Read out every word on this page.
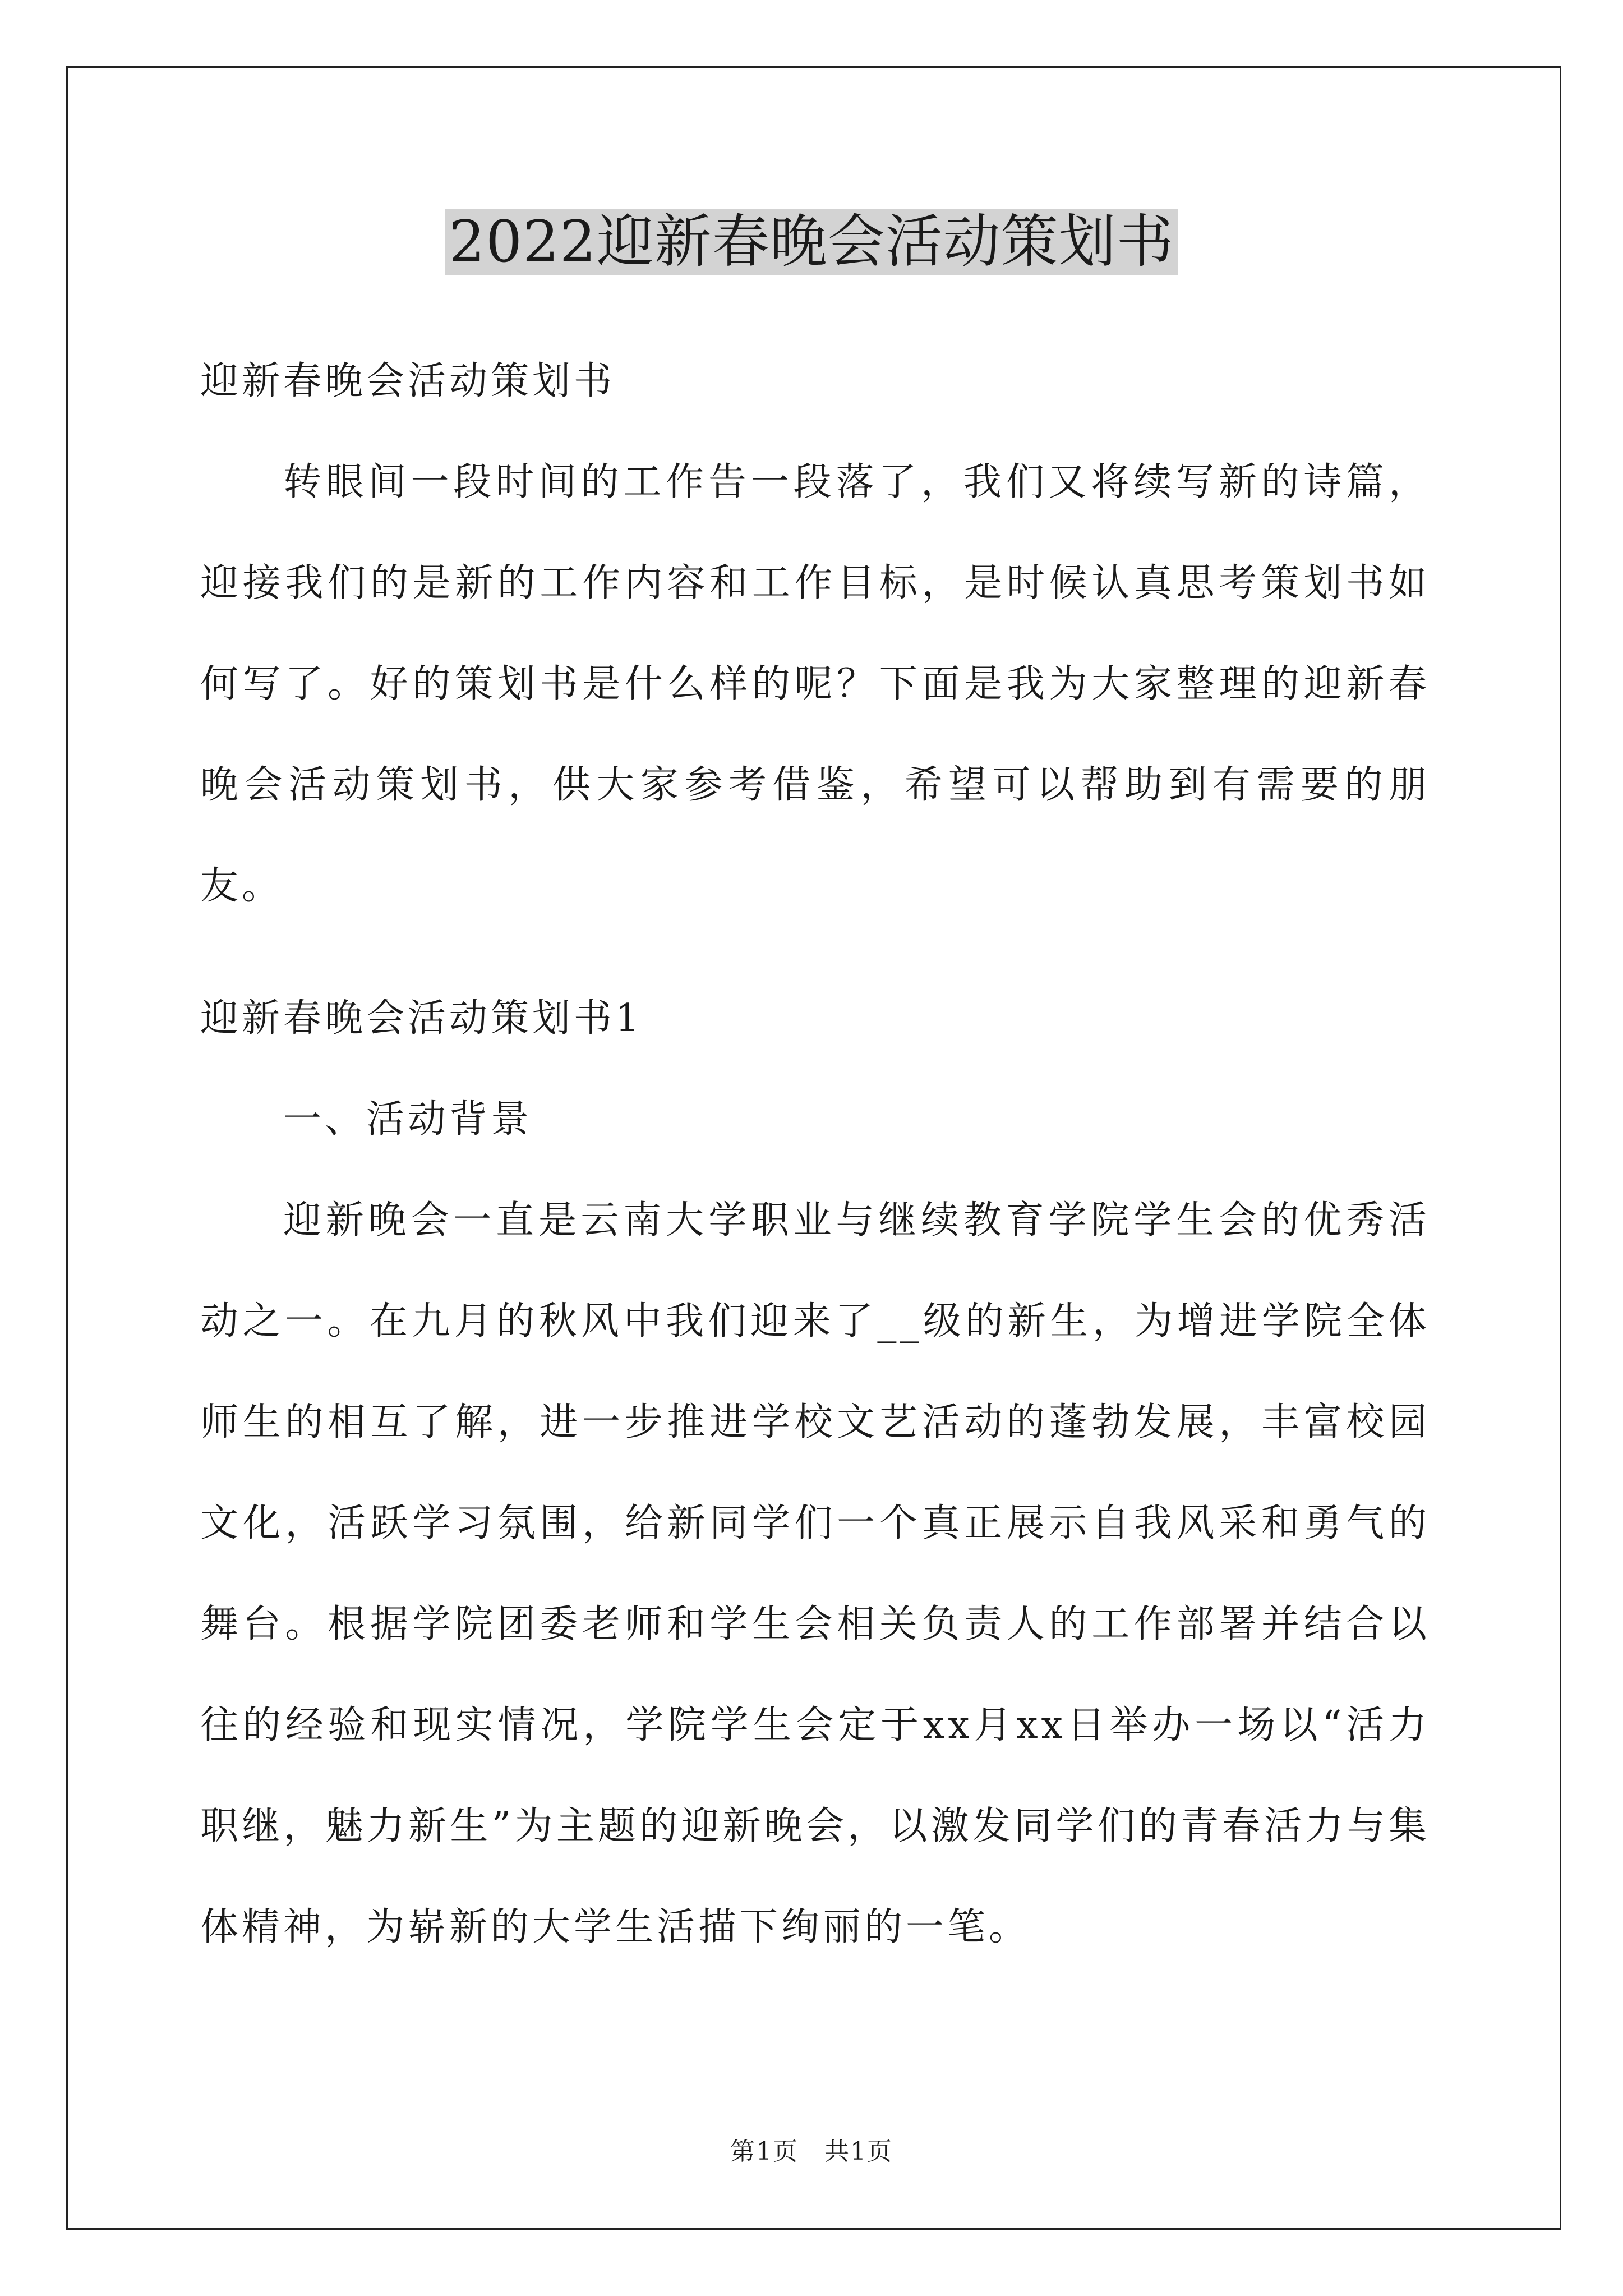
2022迎新春晚会活动策划书
迎新春晚会活动策划书

转眼间一段时间的工作告一段落了，我们又将续写新的诗篇，迎接我们的是新的工作内容和工作目标，是时候认真思考策划书如何写了。好的策划书是什么样的呢？下面是我为大家整理的迎新春晚会活动策划书，供大家参考借鉴，希望可以帮助到有需要的朋友。

迎新春晚会活动策划书1
一、活动背景

迎新晚会一直是云南大学职业与继续教育学院学生会的优秀活动之一。在九月的秋风中我们迎来了__级的新生，为增进学院全体师生的相互了解，进一步推进学校文艺活动的蓬勃发展，丰富校园文化，活跃学习氛围，给新同学们一个真正展示自我风采和勇气的舞台。根据学院团委老师和学生会相关负责人的工作部署并结合以往的经验和现实情况，学院学生会定于xx月xx日举办一场以“活力职继，魅力新生”为主题的迎新晚会，以激发同学们的青春活力与集体精神，为崭新的大学生活描下绚丽的一笔。

第1页　共1页
